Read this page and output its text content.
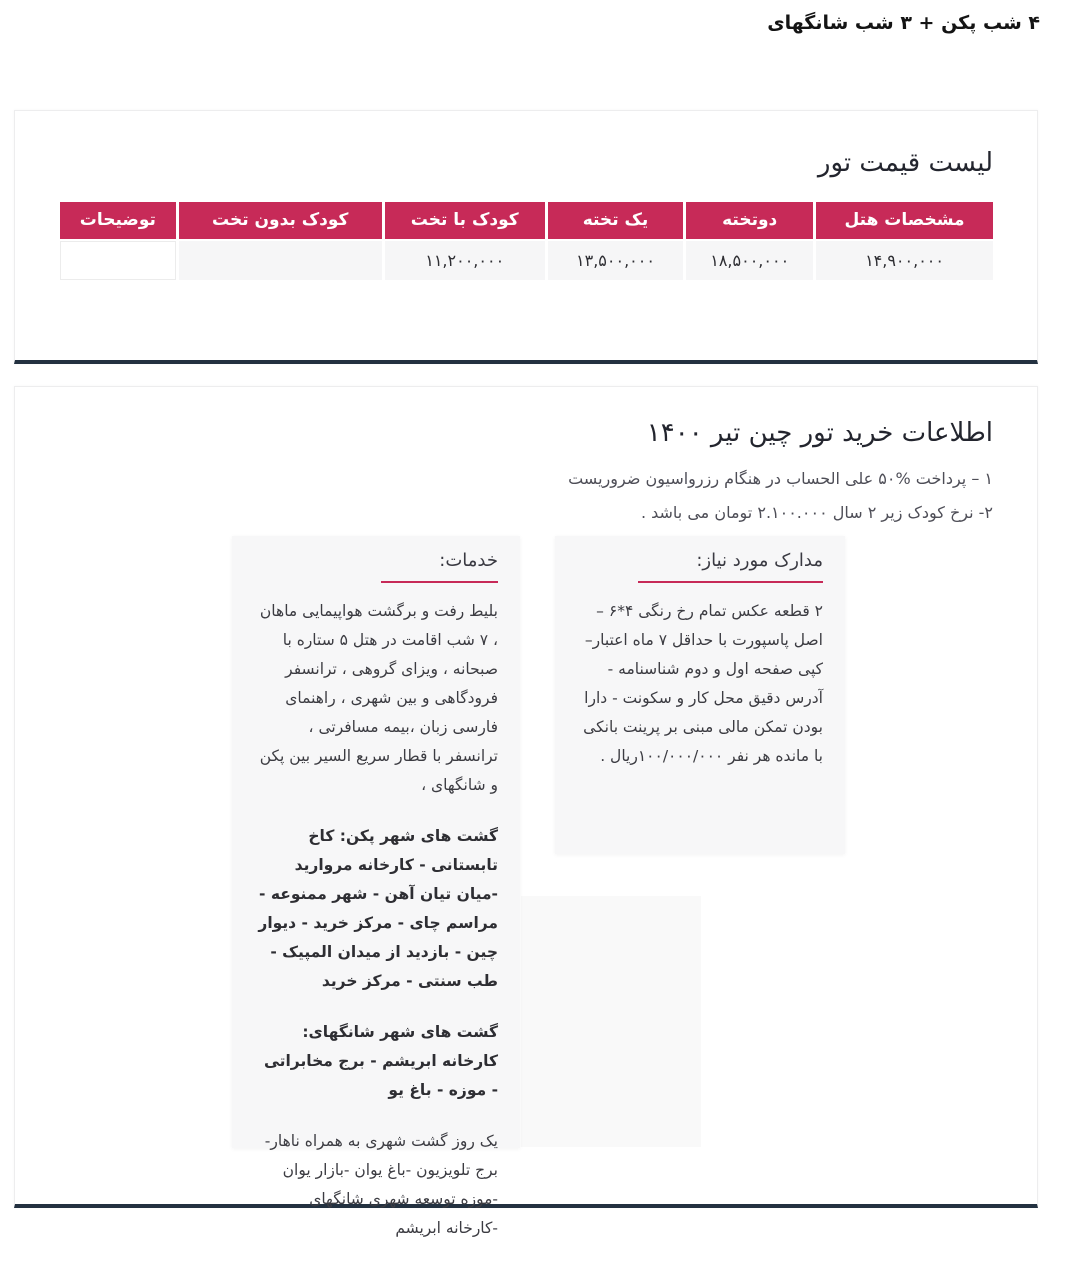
۴ شب پکن + ۳ شب شانگهای
لیست قیمت تور
مشخصات هتل	دوتخته	یک تخته	کودک با تخت	کودک بدون تخت	توضیحات
۱۴,۹۰۰,۰۰۰	۱۸,۵۰۰,۰۰۰	۱۳,۵۰۰,۰۰۰	۱۱,۲۰۰,۰۰۰		
اطلاعات خرید تور چین تیر ۱۴۰۰
۱ – پرداخت %۵۰ علی الحساب در هنگام رزرواسیون ضروریست
۲- نرخ کودک زیر ۲ سال ۲.۱۰۰.۰۰۰ تومان می باشد .
مدارک مورد نیاز:

۲ قطعه عکس تمام رخ رنگی ۴*۶ – اصل پاسپورت با حداقل ۷ ماه اعتبار–کپی صفحه اول و دوم شناسنامه - آدرس دقیق محل کار و سکونت - دارا بودن تمکن مالی مبنی بر پرینت بانکی با مانده هر نفر ۱۰۰/۰۰۰/۰۰۰ریال .

خدمات:

بلیط رفت و برگشت هواپیمایی ماهان ، ۷ شب اقامت در هتل ۵ ستاره با صبحانه ، ویزای گروهی ، ترانسفر فرودگاهی و بین شهری ، راهنمای فارسی زبان ،بیمه مسافرتی ، ترانسفر با قطار سریع السیر بین پکن و شانگهای ،

گشت های شهر پکن: کاخ تابستانی - کارخانه مروارید -میان تیان آهن - شهر ممنوعه - مراسم چای - مرکز خرید - دیوار چین - بازدید از میدان المپیک - طب سنتی - مرکز خرید

گشت های شهر شانگهای: کارخانه ابریشم - برج مخابراتی - موزه - باغ یو

یک روز گشت شهری به همراه ناهار-برج تلویزیون -باغ یوان -بازار یوان -موزه توسعه شهری شانگهای -کارخانه ابریشم
